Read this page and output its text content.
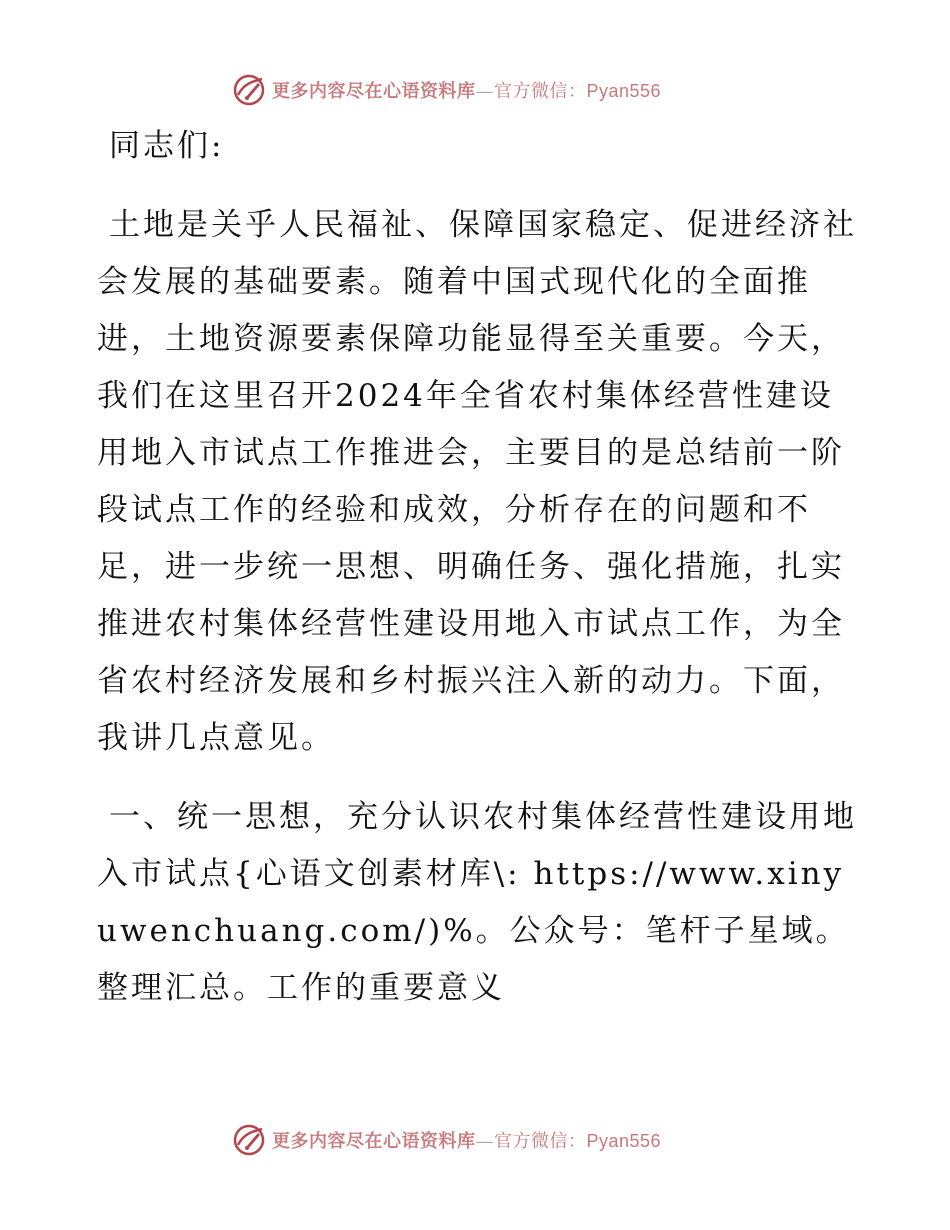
更多内容尽在心语资料库—官方微信：Pyan556

同志们:

土地是关乎人民福祉、保障国家稳定、促进经济社会发展的基础要素。随着中国式现代化的全面推进，土地资源要素保障功能显得至关重要。今天，我们在这里召开2024年全省农村集体经营性建设用地入市试点工作推进会，主要目的是总结前一阶段试点工作的经验和成效，分析存在的问题和不足，进一步统一思想、明确任务、强化措施，扎实推进农村集体经营性建设用地入市试点工作，为全省农村经济发展和乡村振兴注入新的动力。下面，我讲几点意见。

一、统一思想，充分认识农村集体经营性建设用地入市试点{心语文创素材库\: https://www.xinyuwenchuang.com/)%。公众号：笔杆子星域。整理汇总。工作的重要意义

更多内容尽在心语资料库—官方微信：Pyan556
